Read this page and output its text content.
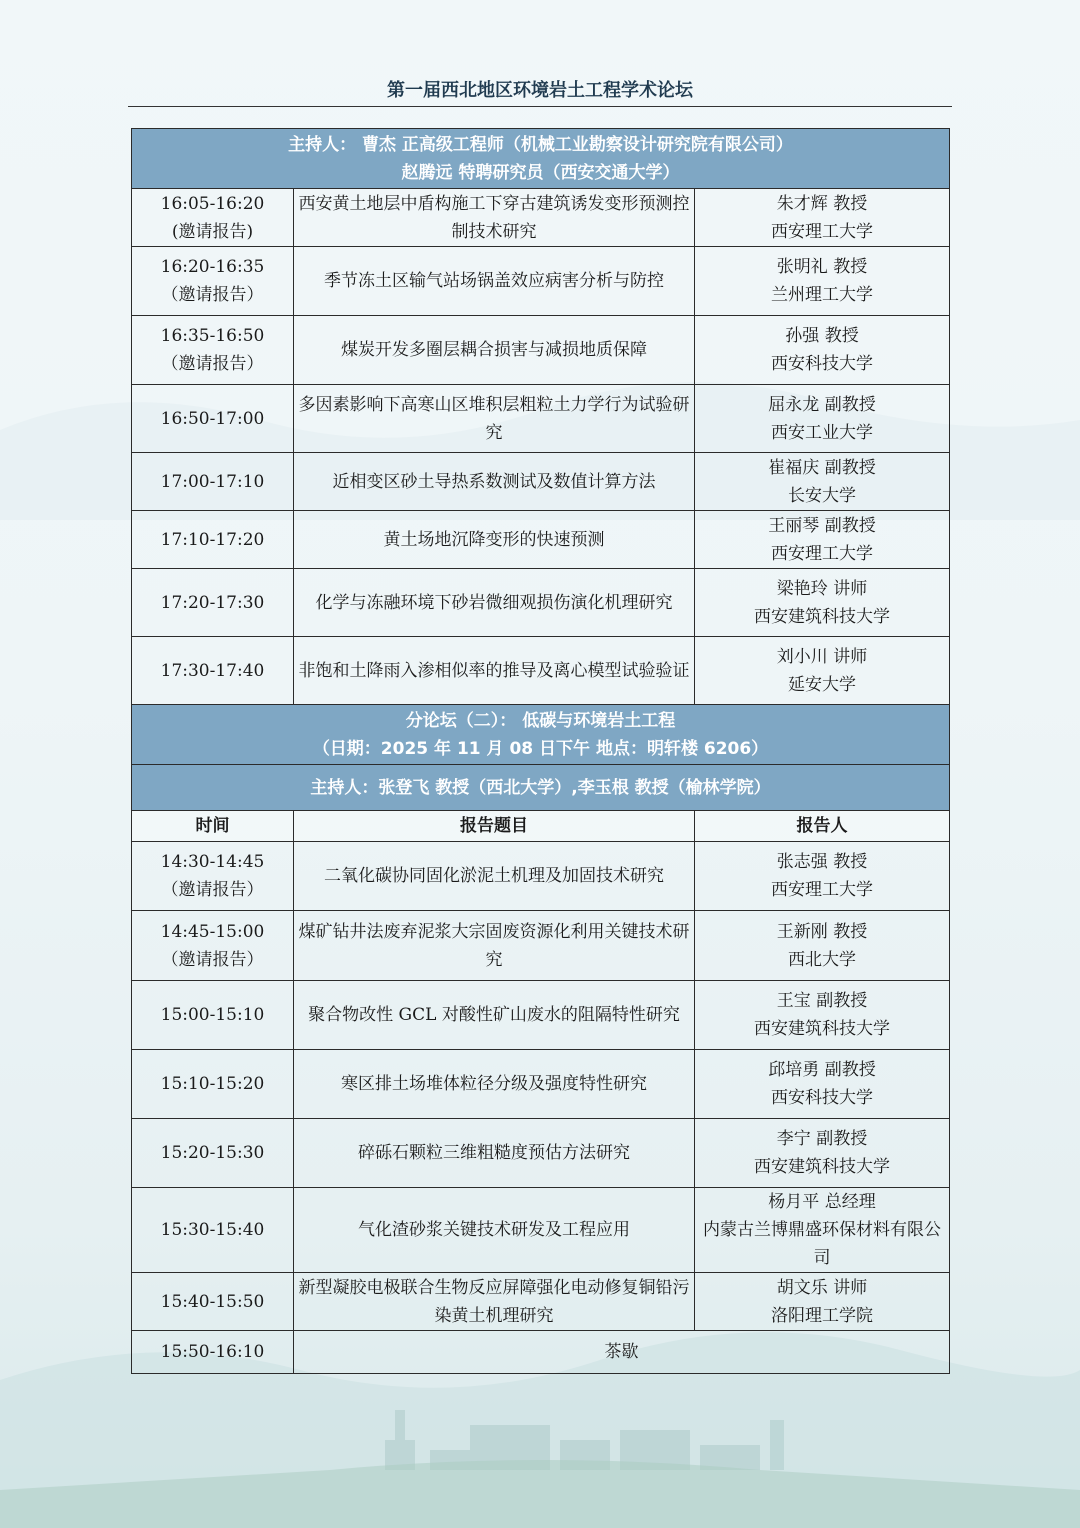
第一届西北地区环境岩土工程学术论坛
主持人： 曹杰 正高级工程师（机械工业勘察设计研究院有限公司）
赵腾远 特聘研究员（西安交通大学）		

16:05-16:20
(邀请报告)	西安黄土地层中盾构施工下穿古建筑诱发变形预测控制技术研究	朱才辉 教授
西安理工大学

16:20-16:35
（邀请报告）	季节冻土区输气站场锅盖效应病害分析与防控	张明礼 教授
兰州理工大学

16:35-16:50
（邀请报告）	煤炭开发多圈层耦合损害与减损地质保障	孙强 教授
西安科技大学

16:50-17:00	多因素影响下高寒山区堆积层粗粒土力学行为试验研究	屈永龙 副教授
西安工业大学

17:00-17:10	近相变区砂土导热系数测试及数值计算方法	崔福庆 副教授
长安大学

17:10-17:20	黄土场地沉降变形的快速预测	王丽琴 副教授
西安理工大学

17:20-17:30	化学与冻融环境下砂岩微细观损伤演化机理研究	梁艳玲 讲师
西安建筑科技大学

17:30-17:40	非饱和土降雨入渗相似率的推导及离心模型试验验证	刘小川 讲师
延安大学

分论坛（二）： 低碳与环境岩土工程
（日期：2025 年 11 月 08 日下午 地点：明轩楼 6206）		

主持人：张登飞 教授（西北大学）,李玉根 教授（榆林学院）		

时间	报告题目	报告人

14:30-14:45
（邀请报告）	二氧化碳协同固化淤泥土机理及加固技术研究	张志强 教授
西安理工大学

14:45-15:00
（邀请报告）	煤矿钻井法废弃泥浆大宗固废资源化利用关键技术研究	王新刚 教授
西北大学

15:00-15:10	聚合物改性 GCL 对酸性矿山废水的阻隔特性研究	王宝 副教授
西安建筑科技大学

15:10-15:20	寒区排土场堆体粒径分级及强度特性研究	邱培勇 副教授
西安科技大学

15:20-15:30	碎砾石颗粒三维粗糙度预估方法研究	李宁 副教授
西安建筑科技大学

15:30-15:40	气化渣砂浆关键技术研发及工程应用	杨月平 总经理
内蒙古兰博鼎盛环保材料有限公司

15:40-15:50	新型凝胶电极联合生物反应屏障强化电动修复铜铅污染黄土机理研究	胡文乐 讲师
洛阳理工学院
15:50-16:10	茶歇	
